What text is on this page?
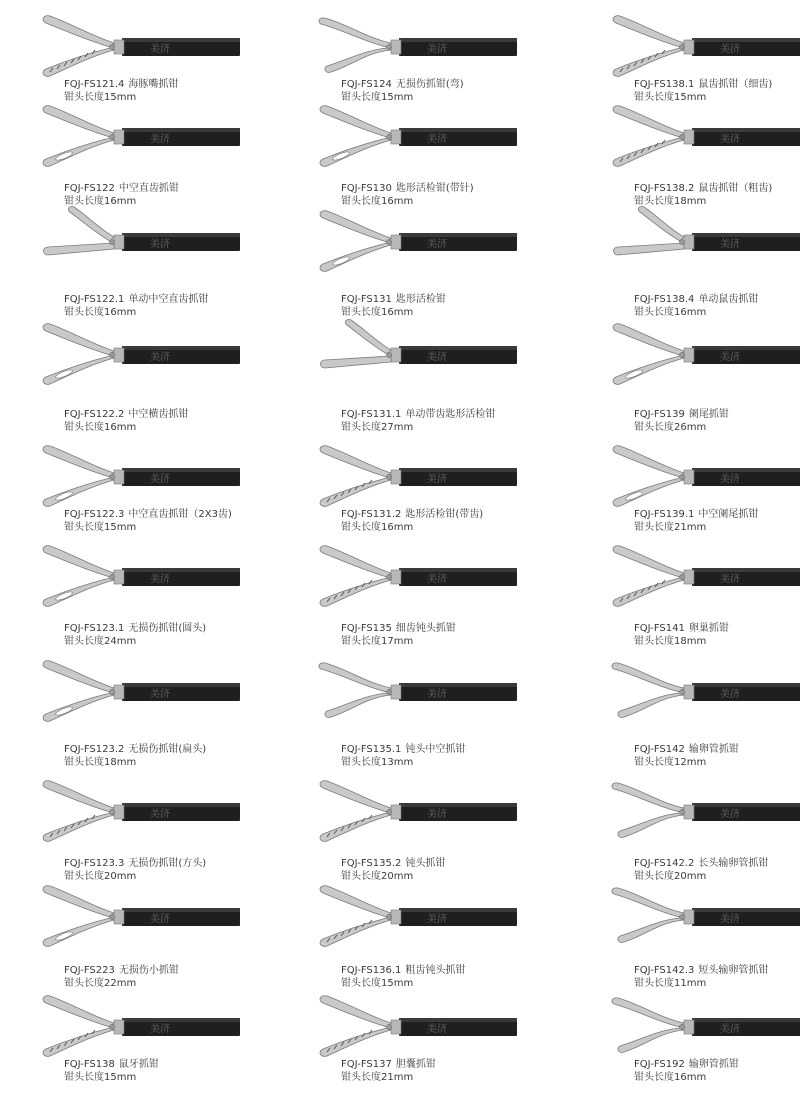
美济
FQJ-FS121.4 海豚嘴抓钳
钳头长度15mm
美济
FQJ-FS124 无损伤抓钳(弯)
钳头长度15mm
美济
FQJ-FS138.1 鼠齿抓钳（细齿)
钳头长度15mm
美济
FQJ-FS122 中空直齿抓钳
钳头长度16mm
美济
FQJ-FS130 匙形活检钳(带针)
钳头长度16mm
美济
FQJ-FS138.2 鼠齿抓钳（粗齿)
钳头长度18mm
美济
FQJ-FS122.1 单动中空直齿抓钳
钳头长度16mm
美济
FQJ-FS131 匙形活检钳
钳头长度16mm
美济
FQJ-FS138.4 单动鼠齿抓钳
钳头长度16mm
美济
FQJ-FS122.2 中空横齿抓钳
钳头长度16mm
美济
FQJ-FS131.1 单动带齿匙形活检钳
钳头长度27mm
美济
FQJ-FS139 阑尾抓钳
钳头长度26mm
美济
FQJ-FS122.3 中空直齿抓钳（2X3齿)
钳头长度15mm
美济
FQJ-FS131.2 匙形活检钳(带齿)
钳头长度16mm
美济
FQJ-FS139.1 中空阑尾抓钳
钳头长度21mm
美济
FQJ-FS123.1 无损伤抓钳(圆头)
钳头长度24mm
美济
FQJ-FS135 细齿钝头抓钳
钳头长度17mm
美济
FQJ-FS141 卵巢抓钳
钳头长度18mm
美济
FQJ-FS123.2 无损伤抓钳(扁头)
钳头长度18mm
美济
FQJ-FS135.1 钝头中空抓钳
钳头长度13mm
美济
FQJ-FS142 输卵管抓钳
钳头长度12mm
美济
FQJ-FS123.3 无损伤抓钳(方头)
钳头长度20mm
美济
FQJ-FS135.2 钝头抓钳
钳头长度20mm
美济
FQJ-FS142.2 长头输卵管抓钳
钳头长度20mm
美济
FQJ-FS223 无损伤小抓钳
钳头长度22mm
美济
FQJ-FS136.1 粗齿钝头抓钳
钳头长度15mm
美济
FQJ-FS142.3 短头输卵管抓钳
钳头长度11mm
美济
FQJ-FS138 鼠牙抓钳
钳头长度15mm
美济
FQJ-FS137 胆囊抓钳
钳头长度21mm
美济
FQJ-FS192 输卵管抓钳
钳头长度16mm
